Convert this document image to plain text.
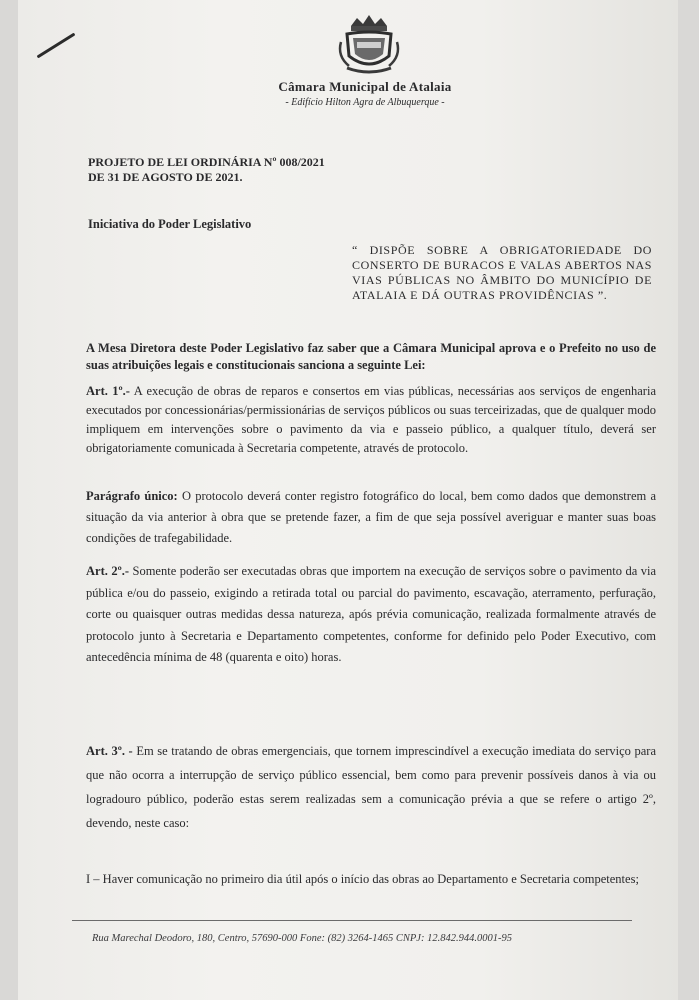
Câmara Municipal de Atalaia
- Edifício Hilton Agra de Albuquerque -
PROJETO DE LEI ORDINÁRIA Nº 008/2021
DE 31 DE AGOSTO DE 2021.
Iniciativa do Poder Legislativo
“ DISPÕE SOBRE A OBRIGATORIEDADE DO CONSERTO DE BURACOS E VALAS ABERTOS NAS VIAS PÚBLICAS NO ÂMBITO DO MUNICÍPIO DE ATALAIA E DÁ OUTRAS PROVIDÊNCIAS ”.
A Mesa Diretora deste Poder Legislativo faz saber que a Câmara Municipal aprova e o Prefeito no uso de suas atribuições legais e constitucionais sanciona a seguinte Lei:
Art. 1º.- A execução de obras de reparos e consertos em vias públicas, necessárias aos serviços de engenharia executados por concessionárias/permissionárias de serviços públicos ou suas terceirizadas, que de qualquer modo impliquem em intervenções sobre o pavimento da via e passeio público, a qualquer título, deverá ser obrigatoriamente comunicada à Secretaria competente, através de protocolo.
Parágrafo único: O protocolo deverá conter registro fotográfico do local, bem como dados que demonstrem a situação da via anterior à obra que se pretende fazer, a fim de que seja possível averiguar e manter suas boas condições de trafegabilidade.
Art. 2º.- Somente poderão ser executadas obras que importem na execução de serviços sobre o pavimento da via pública e/ou do passeio, exigindo a retirada total ou parcial do pavimento, escavação, aterramento, perfuração, corte ou quaisquer outras medidas dessa natureza, após prévia comunicação, realizada formalmente através de protocolo junto à Secretaria e Departamento competentes, conforme for definido pelo Poder Executivo, com antecedência mínima de 48 (quarenta e oito) horas.
Art. 3º. - Em se tratando de obras emergenciais, que tornem imprescindível a execução imediata do serviço para que não ocorra a interrupção de serviço público essencial, bem como para prevenir possíveis danos à via ou logradouro público, poderão estas serem realizadas sem a comunicação prévia a que se refere o artigo 2º, devendo, neste caso:
I – Haver comunicação no primeiro dia útil após o início das obras ao Departamento e Secretaria competentes;
Rua Marechal Deodoro, 180, Centro, 57690-000 Fone: (82) 3264-1465 CNPJ: 12.842.944.0001-95
